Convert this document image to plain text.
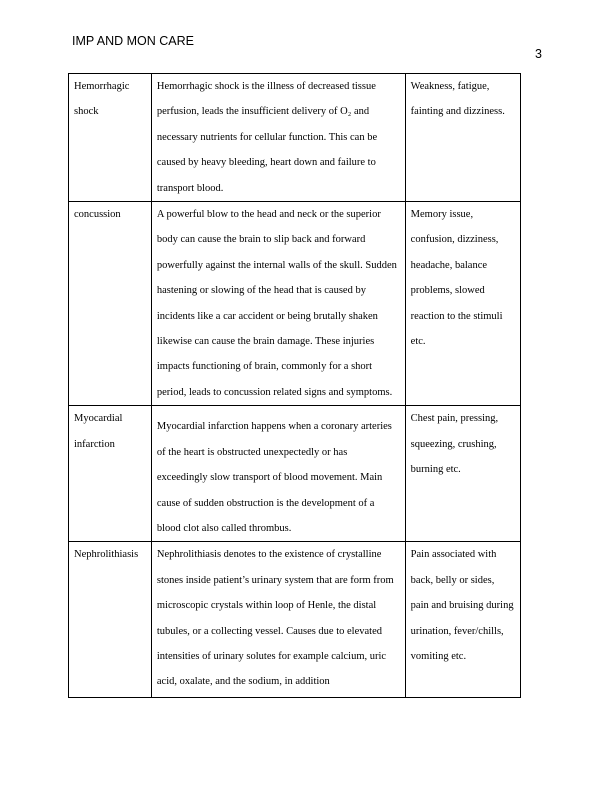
IMP AND MON CARE
3
Hemorrhagic shock	Hemorrhagic shock is the illness of decreased tissue perfusion, leads the insufficient delivery of O₂ and necessary nutrients for cellular function. This can be caused by heavy bleeding, heart down and failure to transport blood.	Weakness, fatigue, fainting and dizziness.

concussion	A powerful blow to the head and neck or the superior body can cause the brain to slip back and forward powerfully against the internal walls of the skull. Sudden hastening or slowing of the head that is caused by incidents like a car accident or being brutally shaken likewise can cause the brain damage. These injuries impacts functioning of brain, commonly for a short period, leads to concussion related signs and symptoms.	Memory issue, confusion, dizziness, headache, balance problems, slowed reaction to the stimuli etc.

Myocardial infarction	Myocardial infarction happens when a coronary arteries of the heart is obstructed unexpectedly or has exceedingly slow transport of blood movement. Main cause of sudden obstruction is the development of a blood clot also called thrombus.	Chest pain, pressing, squeezing, crushing, burning etc.

Nephrolithiasis	Nephrolithiasis denotes to the existence of crystalline stones inside patient’s urinary system that are form from microscopic crystals within loop of Henle, the distal tubules, or a collecting vessel. Causes due to elevated intensities of urinary solutes for example calcium, uric acid, oxalate, and the sodium, in addition	Pain associated with back, belly or sides, pain and bruising during urination, fever/chills, vomiting etc.
